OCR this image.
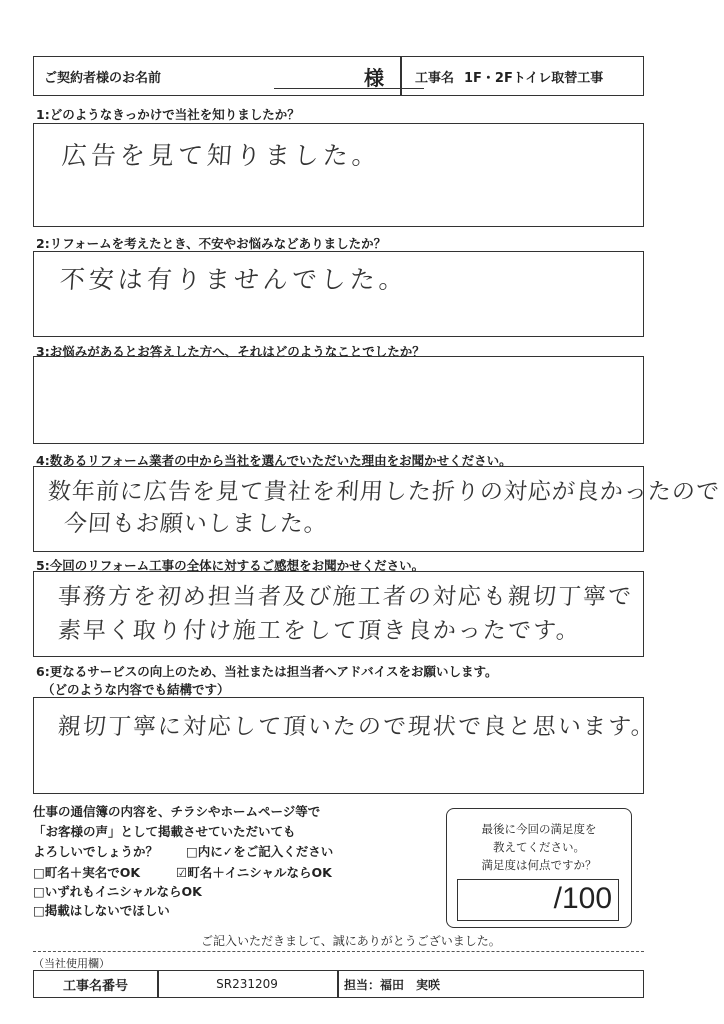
ご契約者様のお名前	様 工事名 1F・2Fトイレ取替工事
1:どのようなきっかけで当社を知りましたか？
広告を見て知りました。
2:リフォームを考えたとき、不安やお悩みなどありましたか？
不安は有りませんでした。
3:お悩みがあるとお答えした方へ、それはどのようなことでしたか？
4:数あるリフォーム業者の中から当社を選んでいただいた理由をお聞かせください。
数年前に広告を見て貴社を利用した折りの対応が良かったので
今回もお願いしました。
5:今回のリフォーム工事の全体に対するご感想をお聞かせください。
事務方を初め担当者及び施工者の対応も親切丁寧で
素早く取り付け施工をして頂き良かったです。
6:更なるサービスの向上のため、当社または担当者へアドバイスをお願いします。
（どのような内容でも結構です）
親切丁寧に対応して頂いたので現状で良と思います。
仕事の通信簿の内容を、チラシやホームページ等で
「お客様の声」として掲載させていただいても
よろしいでしょうか？ □内に✓をご記入ください
□町名＋実名でOK	☑町名＋イニシャルならOK
□いずれもイニシャルならOK
□掲載はしないでほしい
最後に今回の満足度を
教えてください。
満足度は何点ですか？
/100
ご記入いただきまして、誠にありがとうございました。
（当社使用欄）
工事名番号	SR231209	担当：福田　実咲
